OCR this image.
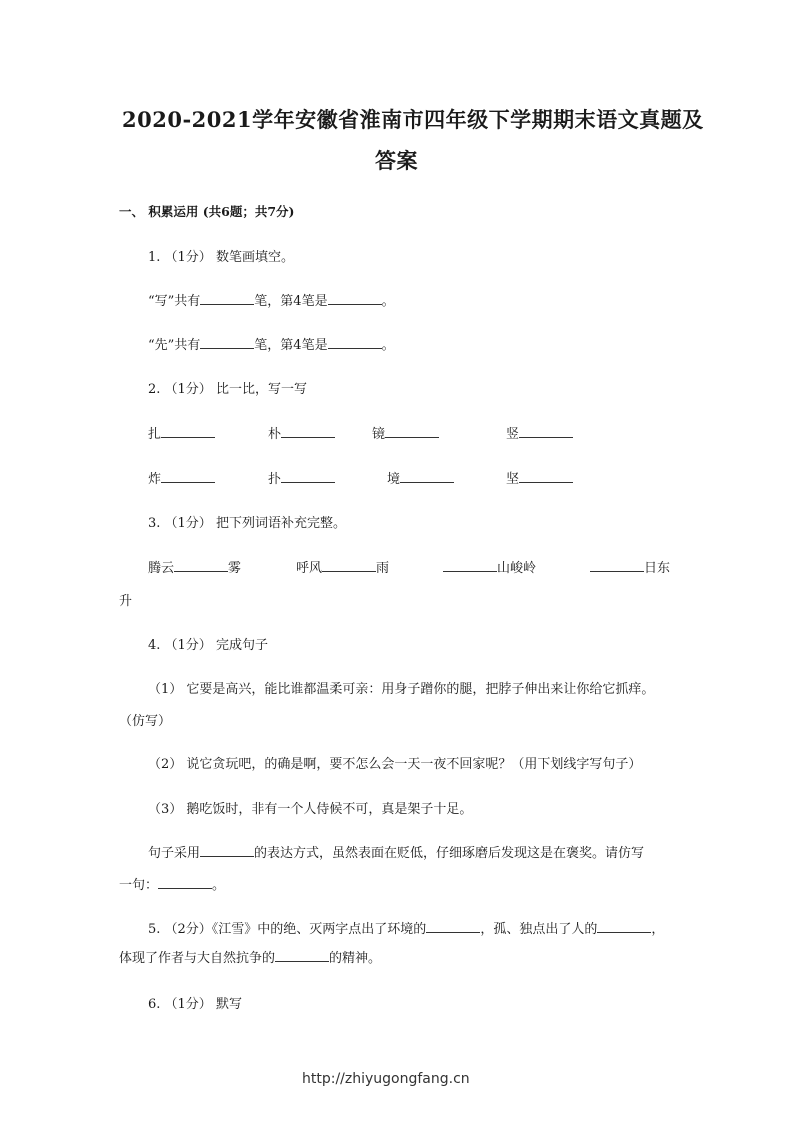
2020-2021学年安徽省淮南市四年级下学期期末语文真题及
答案
一、 积累运用 (共6题；共7分)
1. （1分） 数笔画填空。
“写”共有	笔，第4笔是	。
“先”共有	笔，第4笔是	。
2. （1分） 比一比，写一写
扎	朴	镜	竖
炸	扑	境	坚
3. （1分） 把下列词语补充完整。
腾云	雾	呼风	雨	山峻岭	日东
升
4. （1分） 完成句子
（1） 它要是高兴，能比谁都温柔可亲：用身子蹭你的腿，把脖子伸出来让你给它抓痒。
（仿写）
（2） 说它贪玩吧，的确是啊，要不怎么会一天一夜不回家呢？（用下划线字写句子）
（3） 鹅吃饭时，非有一个人侍候不可，真是架子十足。
句子采用	的表达方式，虽然表面在贬低，仔细琢磨后发现这是在褒奖。请仿写
一句：	。
5. （2分）《江雪》中的绝、灭两字点出了环境的	，孤、独点出了人的	，
体现了作者与大自然抗争的	的精神。
6. （1分） 默写
http://zhiyugongfang.cn
